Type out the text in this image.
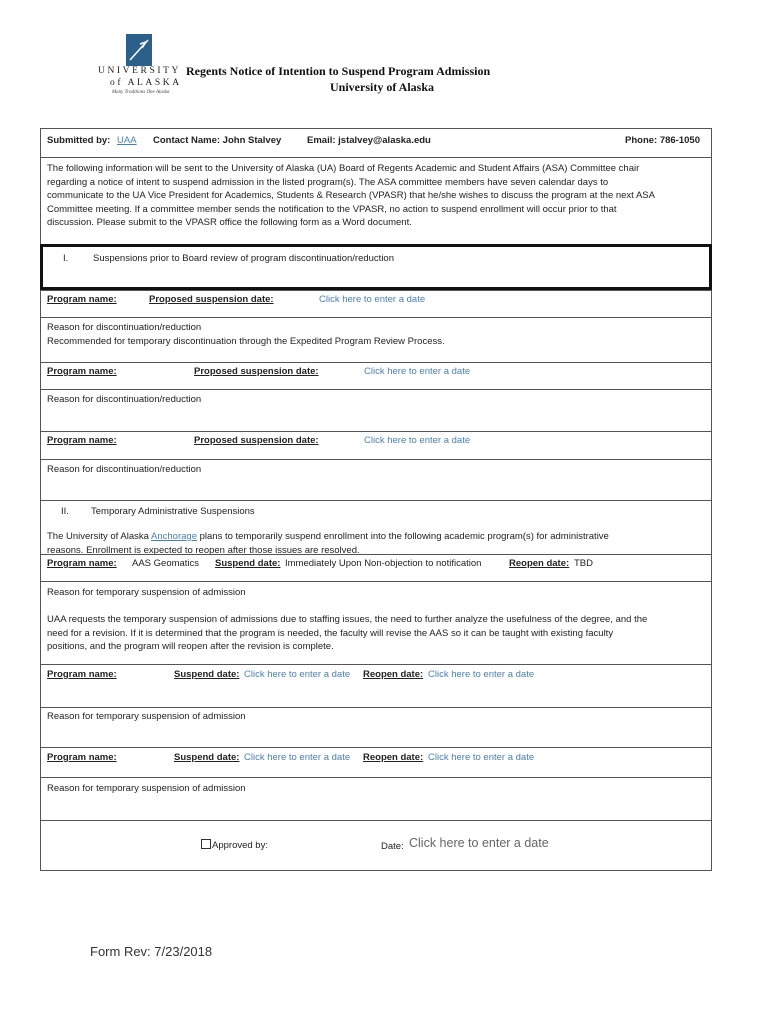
UNIVERSITY
of ALASKA
Many Traditions One Alaska
Regents Notice of Intention to Suspend Program Admission
University of Alaska
Submitted by: UAA Contact Name: John Stalvey	Email: jstalvey@alaska.edu	Phone: 786-1050
The following information will be sent to the University of Alaska (UA) Board of Regents Academic and Student Affairs (ASA) Committee chair
regarding a notice of intent to suspend admission in the listed program(s). The ASA committee members have seven calendar days to
communicate to the UA Vice President for Academics, Students & Research (VPASR) that he/she wishes to discuss the program at the next ASA
Committee meeting. If a committee member sends the notification to the VPASR, no action to suspend enrollment will occur prior to that
discussion. Please submit to the VPASR office the following form as a Word document.
I.	Suspensions prior to Board review of program discontinuation/reduction
Program name:	Proposed suspension date:	Click here to enter a date
Reason for discontinuation/reduction
Recommended for temporary discontinuation through the Expedited Program Review Process.
Program name:	Proposed suspension date:	Click here to enter a date
Reason for discontinuation/reduction
Program name:	Proposed suspension date:	Click here to enter a date
Reason for discontinuation/reduction
II. Temporary Administrative Suspensions
The University of Alaska Anchorage plans to temporarily suspend enrollment into the following academic program(s) for administrative
reasons. Enrollment is expected to reopen after those issues are resolved.
Program name: AAS Geomatics Suspend date: Immediately Upon Non-objection to notification	Reopen date: TBD
Reason for temporary suspension of admission
UAA requests the temporary suspension of admissions due to staffing issues, the need to further analyze the usefulness of the degree, and the
need for a revision. If it is determined that the program is needed, the faculty will revise the AAS so it can be taught with existing faculty
positions, and the program will reopen after the revision is complete.
Program name:	Suspend date: Click here to enter a date Reopen date: Click here to enter a date
Reason for temporary suspension of admission
Program name:	Suspend date: Click here to enter a date Reopen date: Click here to enter a date
Reason for temporary suspension of admission
Approved by:	Date: Click here to enter a date
Form Rev: 7/23/2018
